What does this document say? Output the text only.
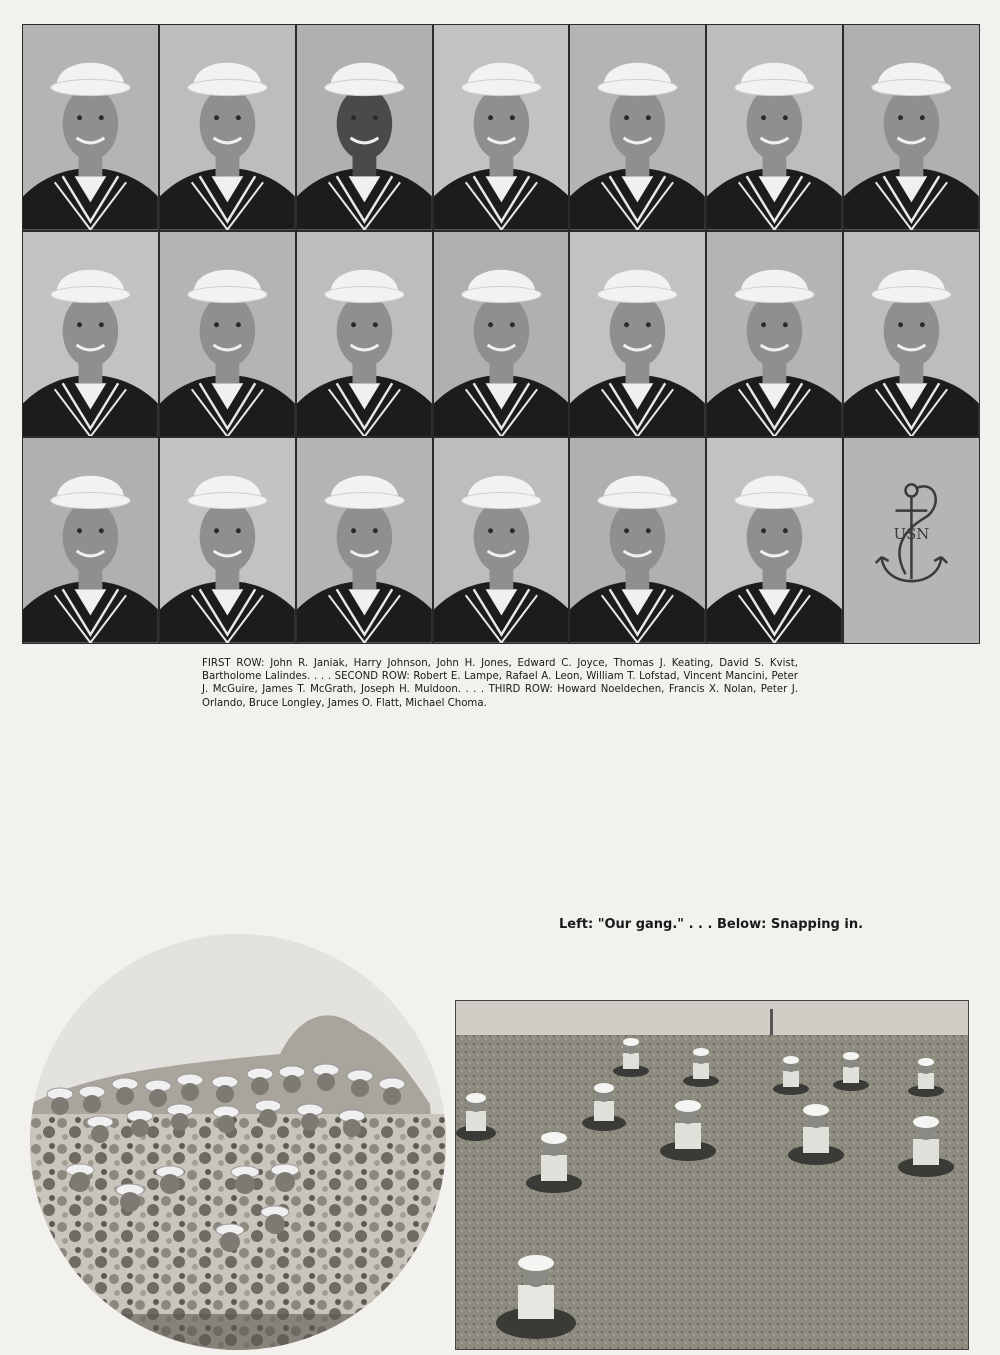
USN

FIRST ROW: John R. Janiak, Harry Johnson, John H. Jones, Edward C. Joyce, Thomas J. Keating, David S. Kvist, Bartholome Lalindes. . . . SECOND ROW: Robert E. Lampe, Rafael A. Leon, William T. Lofstad, Vincent Mancini, Peter J. McGuire, James T. McGrath, Joseph H. Muldoon. . . . THIRD ROW: Howard Noeldechen, Francis X. Nolan, Peter J. Orlando, Bruce Longley, James O. Flatt, Michael Choma.

Left: "Our gang." . . . Below: Snapping in.
